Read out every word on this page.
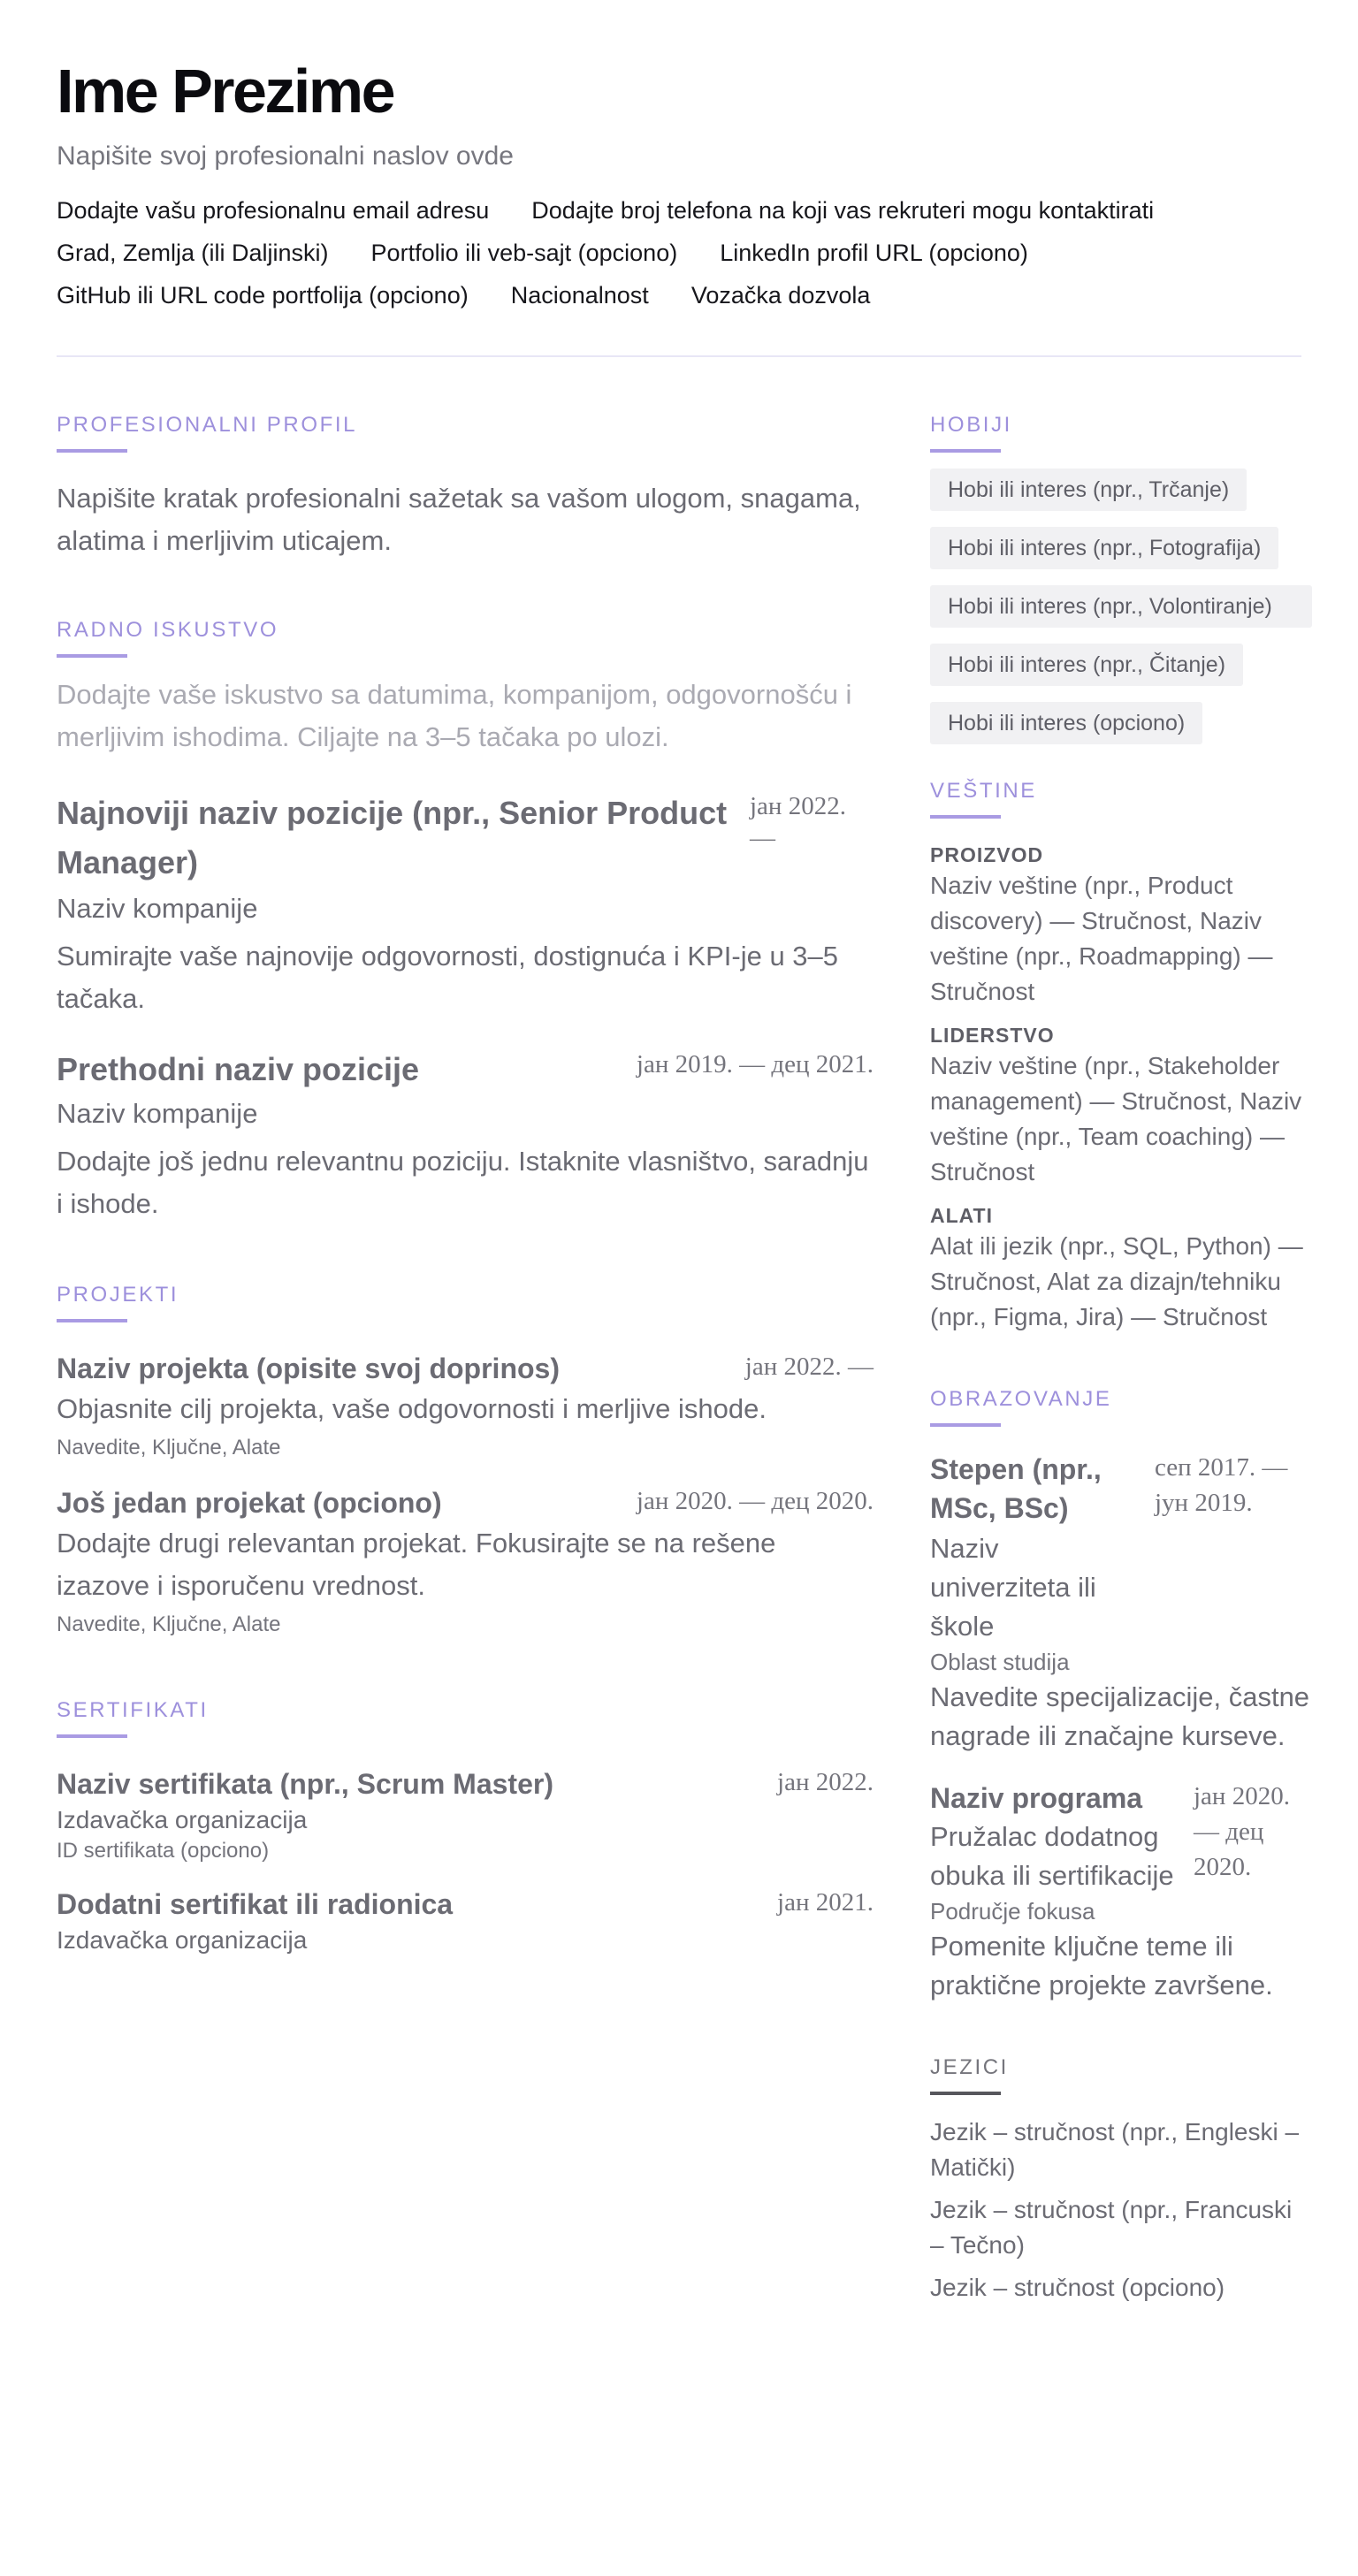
Ime Prezime
Napišite svoj profesionalni naslov ovde
Dodajte vašu profesionalnu email adresu Dodajte broj telefona na koji vas rekruteri mogu kontaktirati
Grad, Zemlja (ili Daljinski) Portfolio ili veb-sajt (opciono) LinkedIn profil URL (opciono)
GitHub ili URL code portfolija (opciono) Nacionalnost Vozačka dozvola
PROFESIONALNI PROFIL
Napišite kratak profesionalni sažetak sa vašom ulogom, snagama, alatima i merljivim uticajem.
RADNO ISKUSTVO
Dodajte vaše iskustvo sa datumima, kompanijom, odgovornošću i merljivim ishodima. Ciljajte na 3–5 tačaka po ulozi.
Najnoviji naziv pozicije (npr., Senior Product Manager)
јан 2022. —
Naziv kompanije
Sumirajte vaše najnovije odgovornosti, dostignuća i KPI-je u 3–5 tačaka.
Prethodni naziv pozicije	јан 2019. — дец 2021.
Naziv kompanije
Dodajte još jednu relevantnu poziciju. Istaknite vlasništvo, saradnju i ishode.
PROJEKTI
Naziv projekta (opisite svoj doprinos)	јан 2022. —
Objasnite cilj projekta, vaše odgovornosti i merljive ishode.
Navedite, Ključne, Alate
Još jedan projekat (opciono)	јан 2020. — дец 2020.
Dodajte drugi relevantan projekat. Fokusirajte se na rešene izazove i isporučenu vrednost.
Navedite, Ključne, Alate
SERTIFIKATI
Naziv sertifikata (npr., Scrum Master)	јан 2022.
Izdavačka organizacija
ID sertifikata (opciono)
Dodatni sertifikat ili radionica	јан 2021.
Izdavačka organizacija
HOBIJI
Hobi ili interes (npr., Trčanje)
Hobi ili interes (npr., Fotografija)
Hobi ili interes (npr., Volontiranje)
Hobi ili interes (npr., Čitanje)
Hobi ili interes (opciono)
VEŠTINE
PROIZVOD
Naziv veštine (npr., Product discovery) — Stručnost, Naziv veštine (npr., Roadmapping) — Stručnost
LIDERSTVO
Naziv veštine (npr., Stakeholder management) — Stručnost, Naziv veštine (npr., Team coaching) — Stručnost
ALATI
Alat ili jezik (npr., SQL, Python) — Stručnost, Alat za dizajn/tehniku (npr., Figma, Jira) — Stručnost
OBRAZOVANJE
Stepen (npr., MSc, BSc)
Naziv univerziteta ili škole
сеп 2017. — јун 2019.
Oblast studija
Navedite specijalizacije, častne nagrade ili značajne kurseve.
Naziv programa
Pružalac dodatnog obuka ili sertifikacije
јан 2020. — дец 2020.
Područje fokusa
Pomenite ključne teme ili praktične projekte završene.
JEZICI
Jezik – stručnost (npr., Engleski – Matički)
Jezik – stručnost (npr., Francuski – Tečno)
Jezik – stručnost (opciono)
